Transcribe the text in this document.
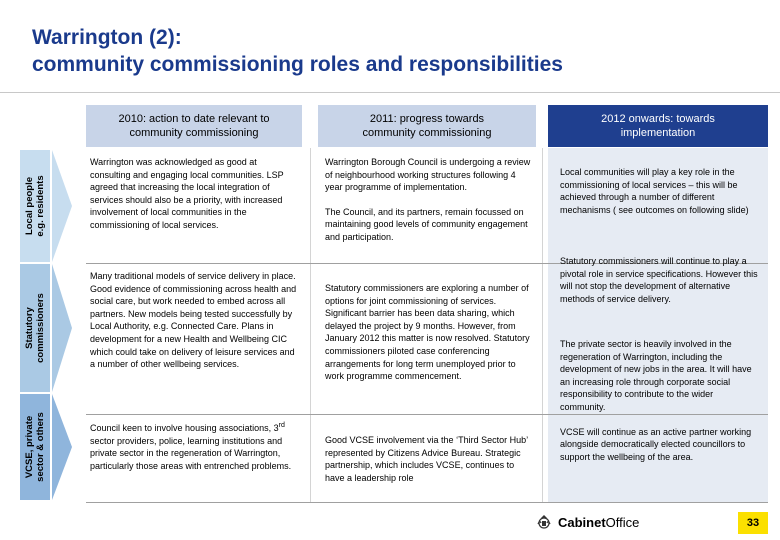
Warrington (2):
community commissioning roles and responsibilities
Local people e.g. residents
Statutory commissioners
VCSE, private sector & others
2010: action to date relevant to
community commissioning
2011: progress towards
community commissioning
2012 onwards: towards
implementation

Warrington was acknowledged as good at consulting and engaging local communities. LSP agreed that increasing the local integration of services should also be a priority, with increased involvement of local communities in the commissioning of local services.

Warrington Borough Council is undergoing a review of neighbourhood working structures following 4 year programme of implementation.

The Council, and its partners, remain focussed on maintaining good levels of community engagement and participation.

Local communities will play a key role in the commissioning of local services – this will be achieved through a number of different mechanisms ( see outcomes on following slide)

Many traditional models of service delivery in place. Good evidence of commissioning across health and social care, but work needed to embed across all partners. New models being tested successfully by Local Authority, e.g. Connected Care. Plans in development for a new Health and Wellbeing CIC which could take on delivery of leisure services and a number of other wellbeing services.

Statutory commissioners are exploring a number of options for joint commissioning of services. Significant barrier has been data sharing, which delayed the project by 9 months. However, from January 2012 this matter is now resolved. Statutory commissioners piloted case conferencing arrangements for long term unemployed prior to work programme commencement.

Statutory commissioners will continue to play a pivotal role in service specifications. However this will not stop the development of alternative methods of service delivery.

Council keen to involve housing associations, 3rd sector providers, police, learning institutions and private sector in the regeneration of Warrington, particularly those areas with entrenched problems.

Good VCSE involvement via the ‘Third Sector Hub’ represented by Citizens Advice Bureau. Strategic partnership, which includes VCSE, continues to have a leadership role

The private sector is heavily involved in the regeneration of Warrington, including the development of new jobs in the area. It will have an increasing role through corporate social responsibility to contribute to the wider community.

VCSE will continue as an active partner working alongside democratically elected councillors to support the wellbeing of the area.

CabinetOffice	33
